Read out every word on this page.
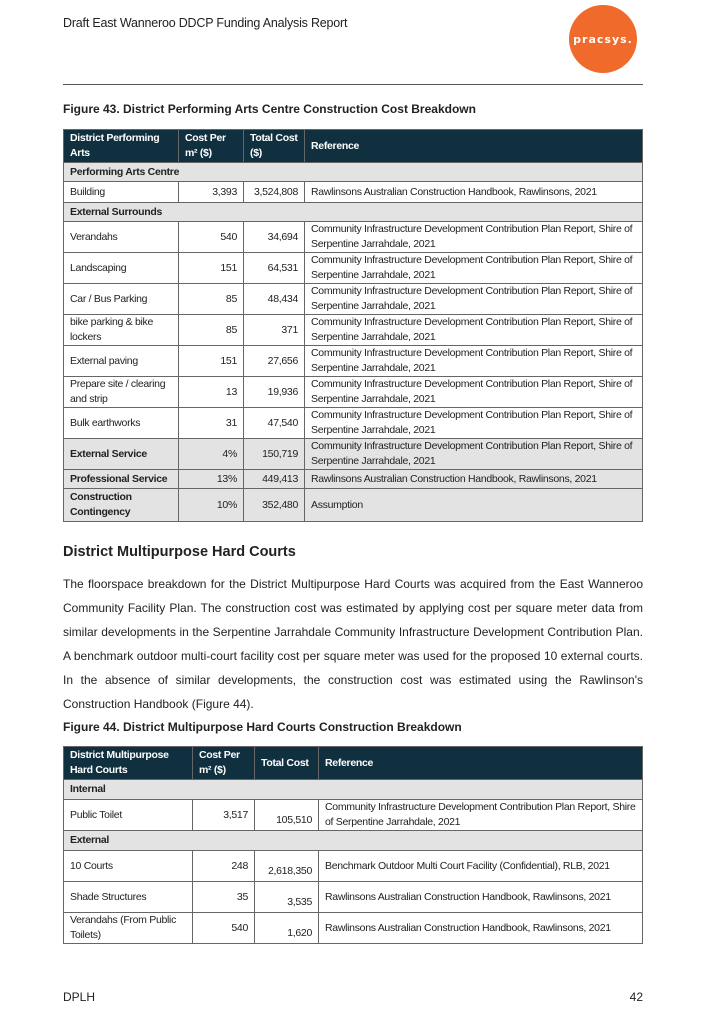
Draft East Wanneroo DDCP Funding Analysis Report
pracsys.
Figure 43. District Performing Arts Centre Construction Cost Breakdown
District Performing Arts	Cost Per m² ($)	Total Cost ($)	Reference
Performing Arts Centre			
Building	3,393	3,524,808	Rawlinsons Australian Construction Handbook, Rawlinsons, 2021
External Surrounds			
Verandahs	540	34,694	Community Infrastructure Development Contribution Plan Report, Shire of Serpentine Jarrahdale, 2021
Landscaping	151	64,531	Community Infrastructure Development Contribution Plan Report, Shire of Serpentine Jarrahdale, 2021
Car / Bus Parking	85	48,434	Community Infrastructure Development Contribution Plan Report, Shire of Serpentine Jarrahdale, 2021
bike parking & bike lockers	85	371	Community Infrastructure Development Contribution Plan Report, Shire of Serpentine Jarrahdale, 2021
External paving	151	27,656	Community Infrastructure Development Contribution Plan Report, Shire of Serpentine Jarrahdale, 2021
Prepare site / clearing and strip	13	19,936	Community Infrastructure Development Contribution Plan Report, Shire of Serpentine Jarrahdale, 2021
Bulk earthworks	31	47,540	Community Infrastructure Development Contribution Plan Report, Shire of Serpentine Jarrahdale, 2021
External Service	4%	150,719	Community Infrastructure Development Contribution Plan Report, Shire of Serpentine Jarrahdale, 2021
Professional Service	13%	449,413	Rawlinsons Australian Construction Handbook, Rawlinsons, 2021
Construction Contingency	10%	352,480	Assumption
District Multipurpose Hard Courts
The floorspace breakdown for the District Multipurpose Hard Courts was acquired from the East Wanneroo Community Facility Plan. The construction cost was estimated by applying cost per square meter data from similar developments in the Serpentine Jarrahdale Community Infrastructure Development Contribution Plan. A benchmark outdoor multi-court facility cost per square meter was used for the proposed 10 external courts. In the absence of similar developments, the construction cost was estimated using the Rawlinson's Construction Handbook (Figure 44).
Figure 44. District Multipurpose Hard Courts Construction Breakdown
District Multipurpose Hard Courts	Cost Per m² ($)	Total Cost	Reference
Internal			
Public Toilet	3,517	105,510	Community Infrastructure Development Contribution Plan Report, Shire of Serpentine Jarrahdale, 2021
External			
10 Courts	248	2,618,350	Benchmark Outdoor Multi Court Facility (Confidential), RLB, 2021
Shade Structures	35	3,535	Rawlinsons Australian Construction Handbook, Rawlinsons, 2021
Verandahs (From Public Toilets)	540	1,620	Rawlinsons Australian Construction Handbook, Rawlinsons, 2021
DPLH	42
